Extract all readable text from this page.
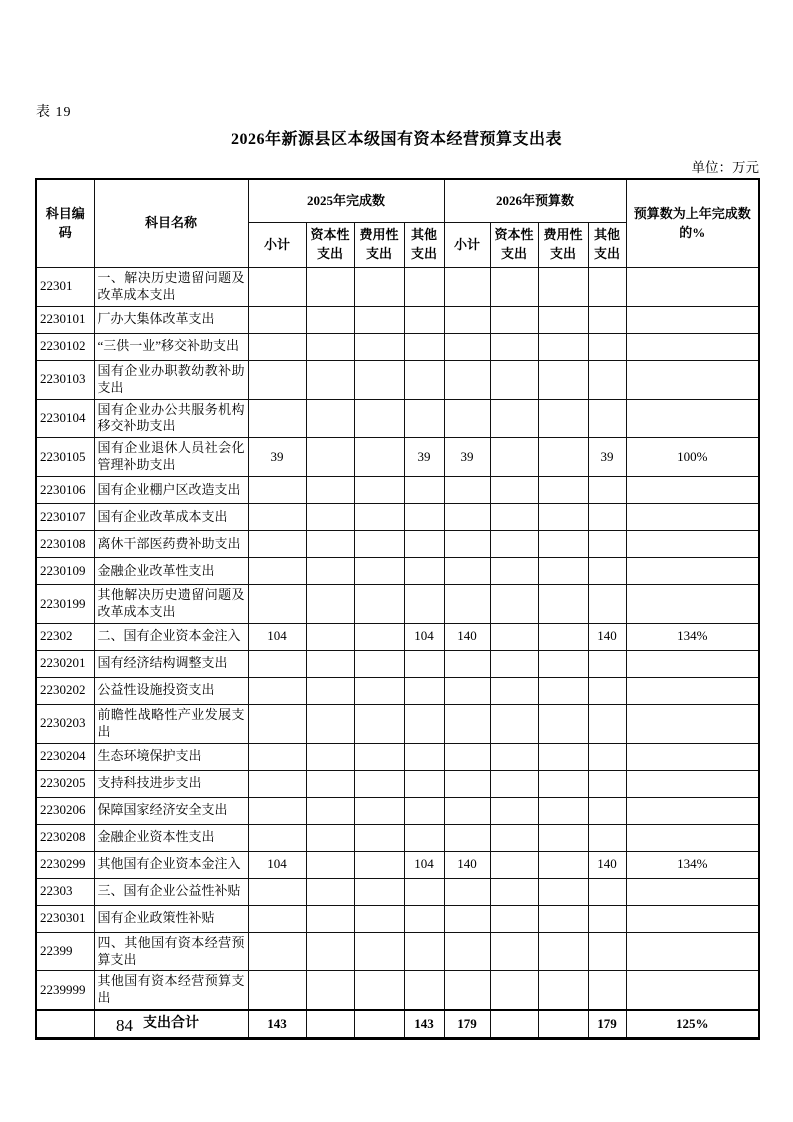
表 19
2026年新源县区本级国有资本经营预算支出表
单位：万元
科目编码	科目名称	2025年完成数				2026年预算数				预算数为上年完成数的%
		小计	资本性支出	费用性支出	其他支出	小计	资本性支出	费用性支出	其他支出	
22301	一、解决历史遗留问题及改革成本支出									
2230101	厂办大集体改革支出									
2230102	“三供一业”移交补助支出									
2230103	国有企业办职教幼教补助支出									
2230104	国有企业办公共服务机构移交补助支出									
2230105	国有企业退休人员社会化管理补助支出	39			39	39			39	100%
2230106	国有企业棚户区改造支出									
2230107	国有企业改革成本支出									
2230108	离休干部医药费补助支出									
2230109	金融企业改革性支出									
2230199	其他解决历史遗留问题及改革成本支出									
22302	二、国有企业资本金注入	104			104	140			140	134%
2230201	国有经济结构调整支出									
2230202	公益性设施投资支出									
2230203	前瞻性战略性产业发展支出									
2230204	生态环境保护支出									
2230205	支持科技进步支出									
2230206	保障国家经济安全支出									
2230208	金融企业资本性支出									
2230299	其他国有企业资本金注入	104			104	140			140	134%
22303	三、国有企业公益性补贴									
2230301	国有企业政策性补贴									
22399	四、其他国有资本经营预算支出									
2239999	其他国有资本经营预算支出									
	支出合计	143			143	179			179	125%
84
